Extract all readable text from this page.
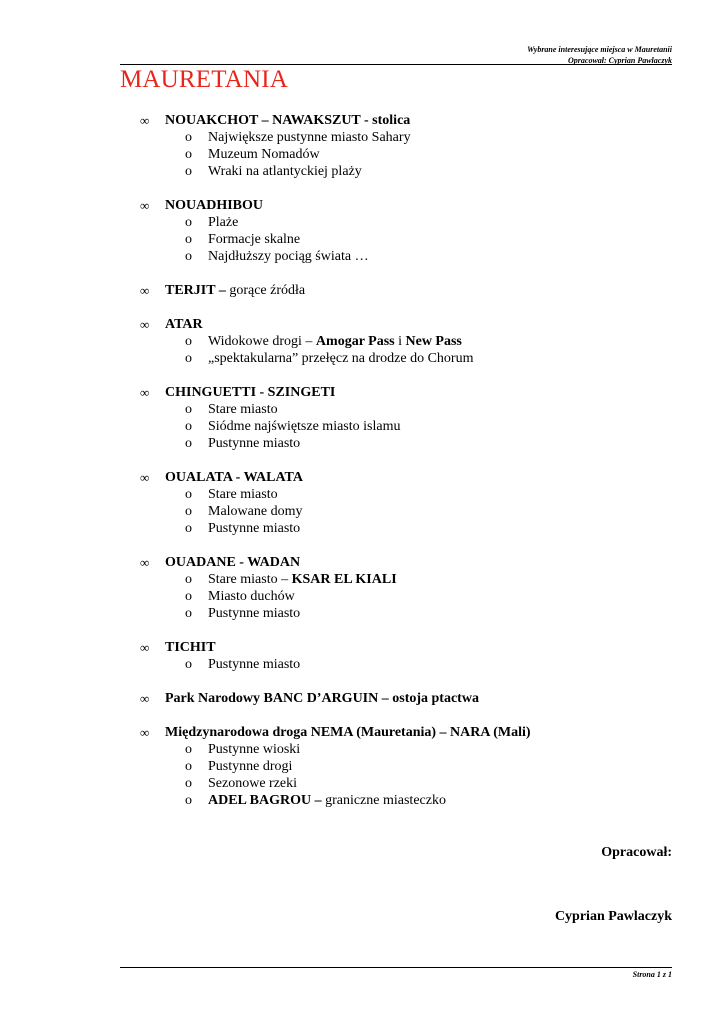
Wybrane interesujące miejsca w Mauretanii
Opracował: Cyprian Pawlaczyk
MAURETANIA
∞	NOUAKCHOT – NAWAKSZUT - stolica
o	Największe pustynne miasto Sahary
o	Muzeum Nomadów
o	Wraki na atlantyckiej plaży
∞	NOUADHIBOU
o	Plaże
o	Formacje skalne
o	Najdłuższy pociąg świata …
∞	TERJIT – gorące źródła
∞	ATAR
o	Widokowe drogi – Amogar Pass i New Pass
o	„spektakularna” przełęcz na drodze do Chorum
∞	CHINGUETTI - SZINGETI
o	Stare miasto
o	Siódme najświętsze miasto islamu
o	Pustynne miasto
∞	OUALATA - WALATA
o	Stare miasto
o	Malowane domy
o	Pustynne miasto
∞	OUADANE - WADAN
o	Stare miasto – KSAR EL KIALI
o	Miasto duchów
o	Pustynne miasto
∞	TICHIT
o	Pustynne miasto
∞	Park Narodowy BANC D’ARGUIN – ostoja ptactwa
∞	Międzynarodowa droga NEMA (Mauretania) – NARA (Mali)
o	Pustynne wioski
o	Pustynne drogi
o	Sezonowe rzeki
o	ADEL BAGROU – graniczne miasteczko
Opracował:
Cyprian Pawlaczyk
Strona 1 z 1
